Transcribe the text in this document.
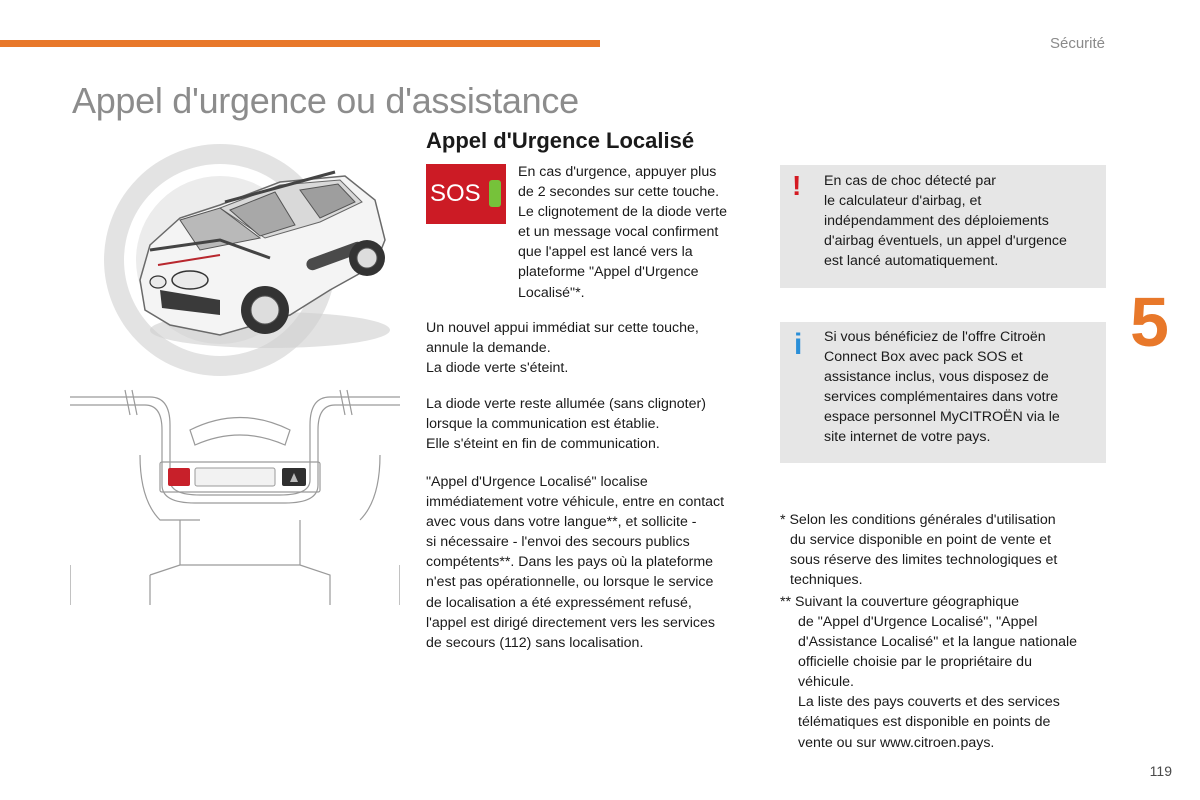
Sécurité
Appel d'urgence ou d'assistance
Appel d'Urgence Localisé
SOS
En cas d'urgence, appuyer plus
de 2 secondes sur cette touche.
Le clignotement de la diode verte
et un message vocal confirment
que l'appel est lancé vers la
plateforme "Appel d'Urgence
Localisé"*.
Un nouvel appui immédiat sur cette touche,
annule la demande.
La diode verte s'éteint.
La diode verte reste allumée (sans clignoter)
lorsque la communication est établie.
Elle s'éteint en fin de communication.
"Appel d'Urgence Localisé" localise
immédiatement votre véhicule, entre en contact
avec vous dans votre langue**, et sollicite -
si nécessaire - l'envoi des secours publics
compétents**. Dans les pays où la plateforme
n'est pas opérationnelle, ou lorsque le service
de localisation a été expressément refusé,
l'appel est dirigé directement vers les services
de secours (112) sans localisation.
! En cas de choc détecté par
le calculateur d'airbag, et
indépendamment des déploiements
d'airbag éventuels, un appel d'urgence
est lancé automatiquement.
i Si vous bénéficiez de l'offre Citroën
Connect Box avec pack SOS et
assistance inclus, vous disposez de
services complémentaires dans votre
espace personnel MyCITROËN via le
site internet de votre pays.
5
* Selon les conditions générales d'utilisation
du service disponible en point de vente et
sous réserve des limites technologiques et
techniques.
** Suivant la couverture géographique
de "Appel d'Urgence Localisé", "Appel
d'Assistance Localisé" et la langue nationale
officielle choisie par le propriétaire du
véhicule.
La liste des pays couverts et des services
télématiques est disponible en points de
vente ou sur www.citroen.pays.
119
